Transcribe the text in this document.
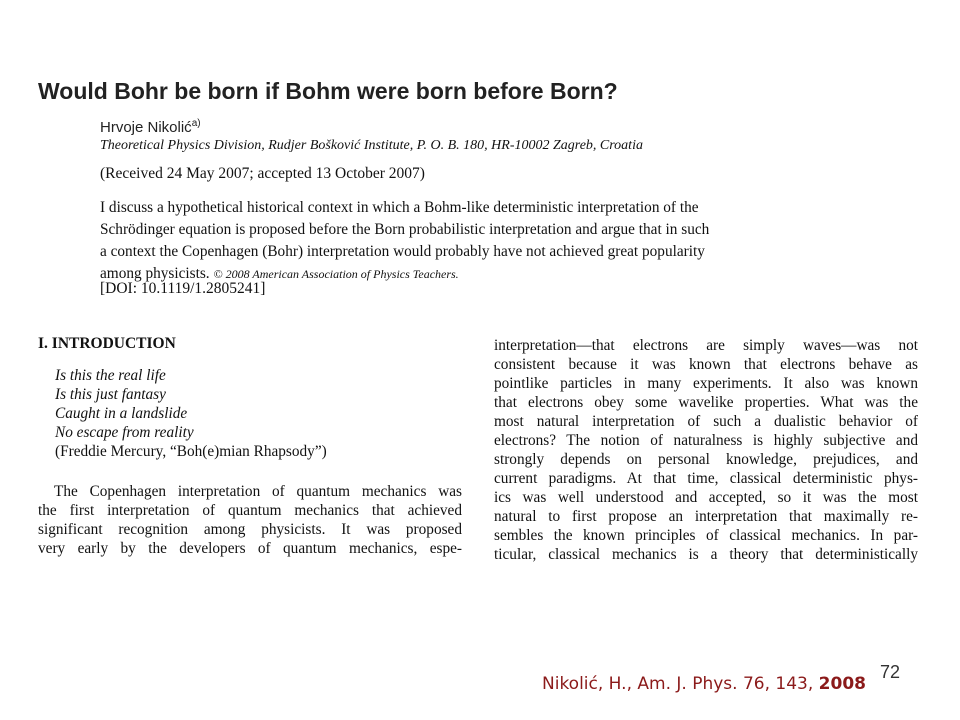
Would Bohr be born if Bohm were born before Born?
Hrvoje Nikolić$^{a)}$
Theoretical Physics Division, Rudjer Bošković Institute, P. O. B. 180, HR-10002 Zagreb, Croatia
(Received 24 May 2007; accepted 13 October 2007)
I discuss a hypothetical historical context in which a Bohm-like deterministic interpretation of the
Schrödinger equation is proposed before the Born probabilistic interpretation and argue that in such
a context the Copenhagen (Bohr) interpretation would probably have not achieved great popularity
among physicists. © 2008 American Association of Physics Teachers.
[DOI: 10.1119/1.2805241]
I. INTRODUCTION
Is this the real life
Is this just fantasy
Caught in a landslide
No escape from reality
(Freddie Mercury, “Boh(e)mian Rhapsody”)
The Copenhagen interpretation of quantum mechanics was
the first interpretation of quantum mechanics that achieved
significant recognition among physicists. It was proposed
very early by the developers of quantum mechanics, espe-
interpretation—that electrons are simply waves—was not
consistent because it was known that electrons behave as
pointlike particles in many experiments. It also was known
that electrons obey some wavelike properties. What was the
most natural interpretation of such a dualistic behavior of
electrons? The notion of naturalness is highly subjective and
strongly depends on personal knowledge, prejudices, and
current paradigms. At that time, classical deterministic phys-
ics was well understood and accepted, so it was the most
natural to first propose an interpretation that maximally re-
sembles the known principles of classical mechanics. In par-
ticular, classical mechanics is a theory that deterministically
72
Nikolić, H., Am. J. Phys. 76, 143, 2008
